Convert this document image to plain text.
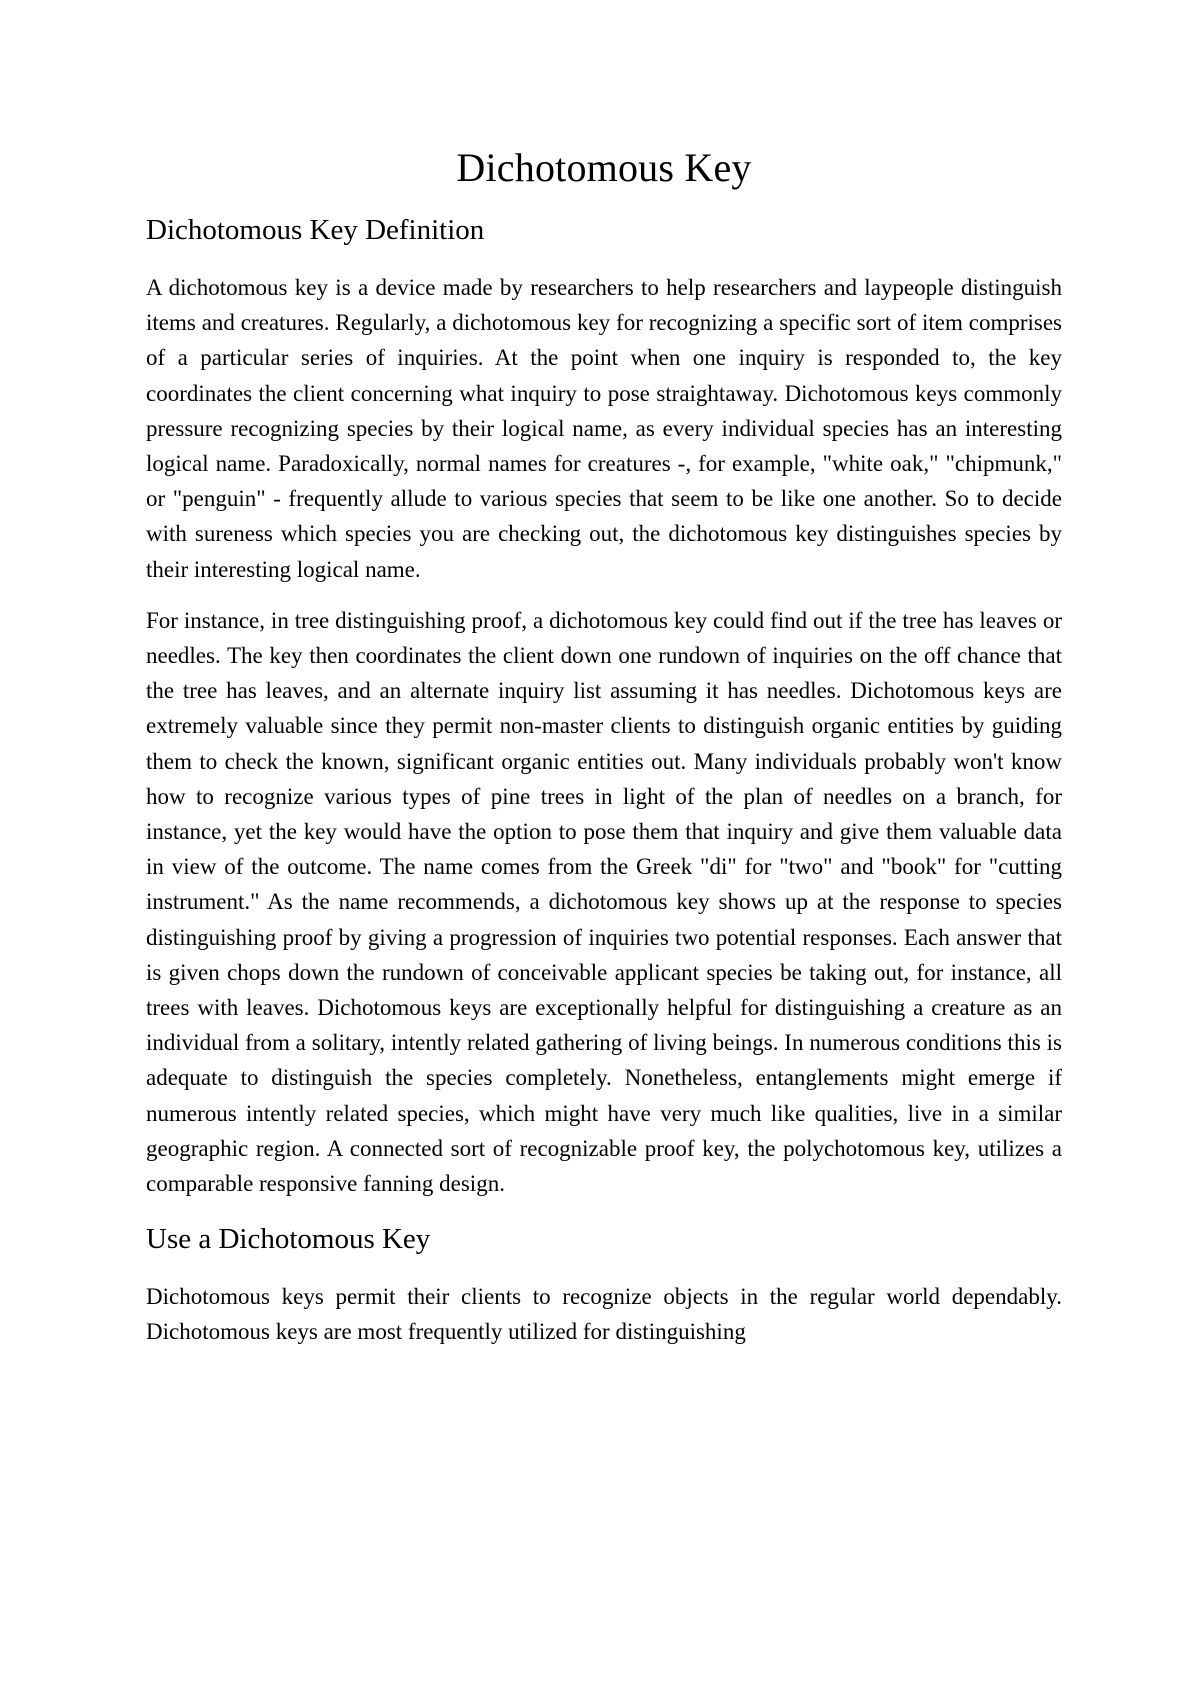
Dichotomous Key
Dichotomous Key Definition

A dichotomous key is a device made by researchers to help researchers and laypeople distinguish items and creatures. Regularly, a dichotomous key for recognizing a specific sort of item comprises of a particular series of inquiries. At the point when one inquiry is responded to, the key coordinates the client concerning what inquiry to pose straightaway. Dichotomous keys commonly pressure recognizing species by their logical name, as every individual species has an interesting logical name. Paradoxically, normal names for creatures -, for example, "white oak," "chipmunk," or "penguin" - frequently allude to various species that seem to be like one another. So to decide with sureness which species you are checking out, the dichotomous key distinguishes species by their interesting logical name.

For instance, in tree distinguishing proof, a dichotomous key could find out if the tree has leaves or needles. The key then coordinates the client down one rundown of inquiries on the off chance that the tree has leaves, and an alternate inquiry list assuming it has needles. Dichotomous keys are extremely valuable since they permit non-master clients to distinguish organic entities by guiding them to check the known, significant organic entities out. Many individuals probably won't know how to recognize various types of pine trees in light of the plan of needles on a branch, for instance, yet the key would have the option to pose them that inquiry and give them valuable data in view of the outcome. The name comes from the Greek "di" for "two" and "book" for "cutting instrument." As the name recommends, a dichotomous key shows up at the response to species distinguishing proof by giving a progression of inquiries two potential responses. Each answer that is given chops down the rundown of conceivable applicant species be taking out, for instance, all trees with leaves. Dichotomous keys are exceptionally helpful for distinguishing a creature as an individual from a solitary, intently related gathering of living beings. In numerous conditions this is adequate to distinguish the species completely. Nonetheless, entanglements might emerge if numerous intently related species, which might have very much like qualities, live in a similar geographic region. A connected sort of recognizable proof key, the polychotomous key, utilizes a comparable responsive fanning design.

Use a Dichotomous Key

Dichotomous keys permit their clients to recognize objects in the regular world dependably. Dichotomous keys are most frequently utilized for distinguishing
